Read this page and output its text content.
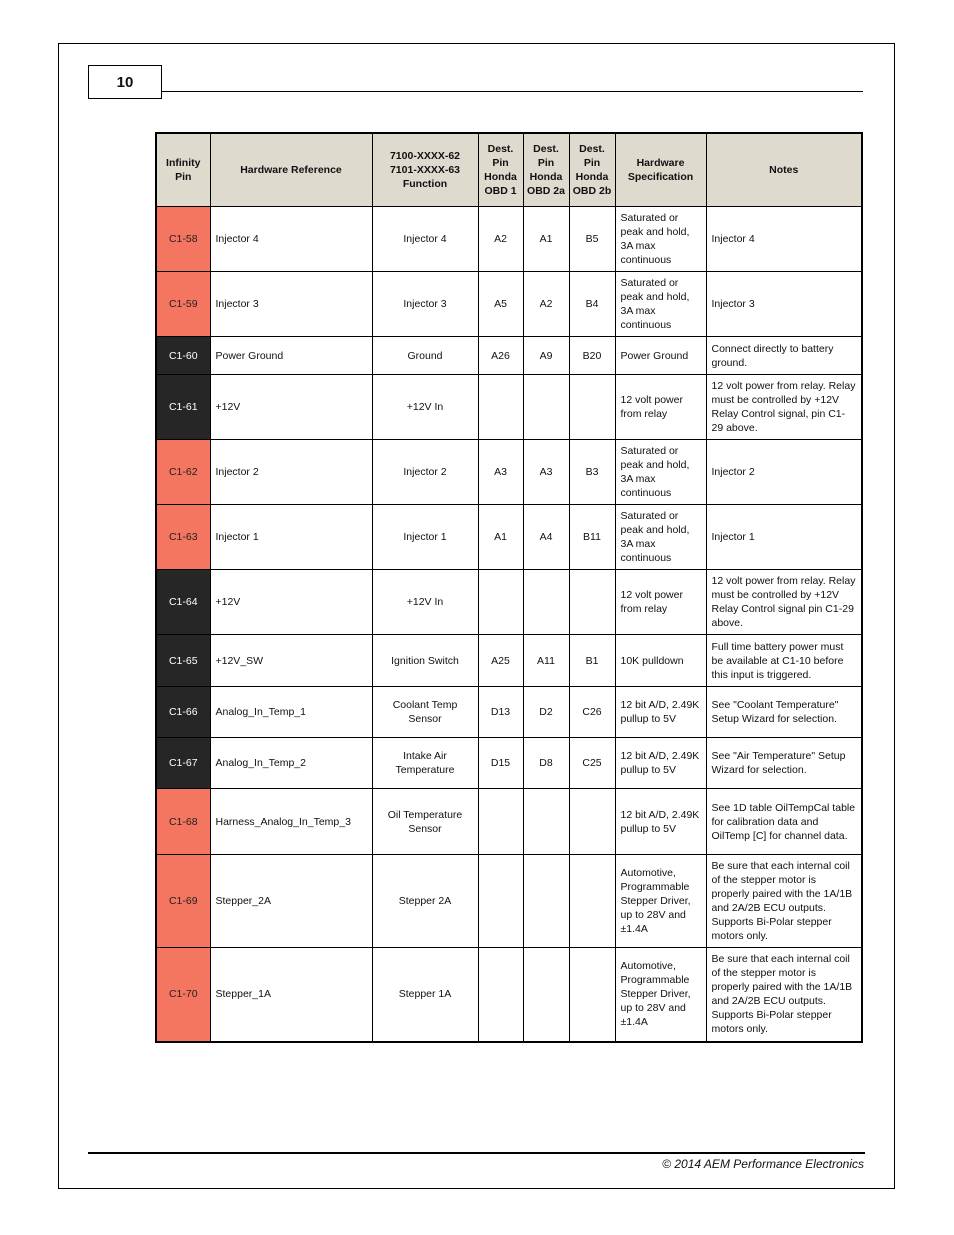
10
Infinity Pin	Hardware Reference	7100-XXXX-62 7101-XXXX-63 Function	Dest. Pin Honda OBD 1	Dest. Pin Honda OBD 2a	Dest. Pin Honda OBD 2b	Hardware Specification	Notes
C1-58	Injector 4	Injector 4	A2	A1	B5	Saturated or peak and hold, 3A max continuous	Injector 4
C1-59	Injector 3	Injector 3	A5	A2	B4	Saturated or peak and hold, 3A max continuous	Injector 3
C1-60	Power Ground	Ground	A26	A9	B20	Power Ground	Connect directly to battery ground.
C1-61	+12V	+12V In				12 volt power from relay	12 volt power from relay. Relay must be controlled by +12V Relay Control signal, pin C1-29 above.
C1-62	Injector 2	Injector 2	A3	A3	B3	Saturated or peak and hold, 3A max continuous	Injector 2
C1-63	Injector 1	Injector 1	A1	A4	B11	Saturated or peak and hold, 3A max continuous	Injector 1
C1-64	+12V	+12V In				12 volt power from relay	12 volt power from relay. Relay must be controlled by +12V Relay Control signal pin C1-29 above.
C1-65	+12V_SW	Ignition Switch	A25	A11	B1	10K pulldown	Full time battery power must be available at C1-10 before this input is triggered.
C1-66	Analog_In_Temp_1	Coolant Temp Sensor	D13	D2	C26	12 bit A/D, 2.49K pullup to 5V	See "Coolant Temperature" Setup Wizard for selection.
C1-67	Analog_In_Temp_2	Intake Air Temperature	D15	D8	C25	12 bit A/D, 2.49K pullup to 5V	See "Air Temperature" Setup Wizard for selection.
C1-68	Harness_Analog_In_Temp_3	Oil Temperature Sensor				12 bit A/D, 2.49K pullup to 5V	See 1D table OilTempCal table for calibration data and OilTemp [C] for channel data.
C1-69	Stepper_2A	Stepper 2A				Automotive, Programmable Stepper Driver, up to 28V and ±1.4A	Be sure that each internal coil of the stepper motor is properly paired with the 1A/1B and 2A/2B ECU outputs. Supports Bi-Polar stepper motors only.
C1-70	Stepper_1A	Stepper 1A				Automotive, Programmable Stepper Driver, up to 28V and ±1.4A	Be sure that each internal coil of the stepper motor is properly paired with the 1A/1B and 2A/2B ECU outputs. Supports Bi-Polar stepper motors only.
© 2014 AEM Performance Electronics
